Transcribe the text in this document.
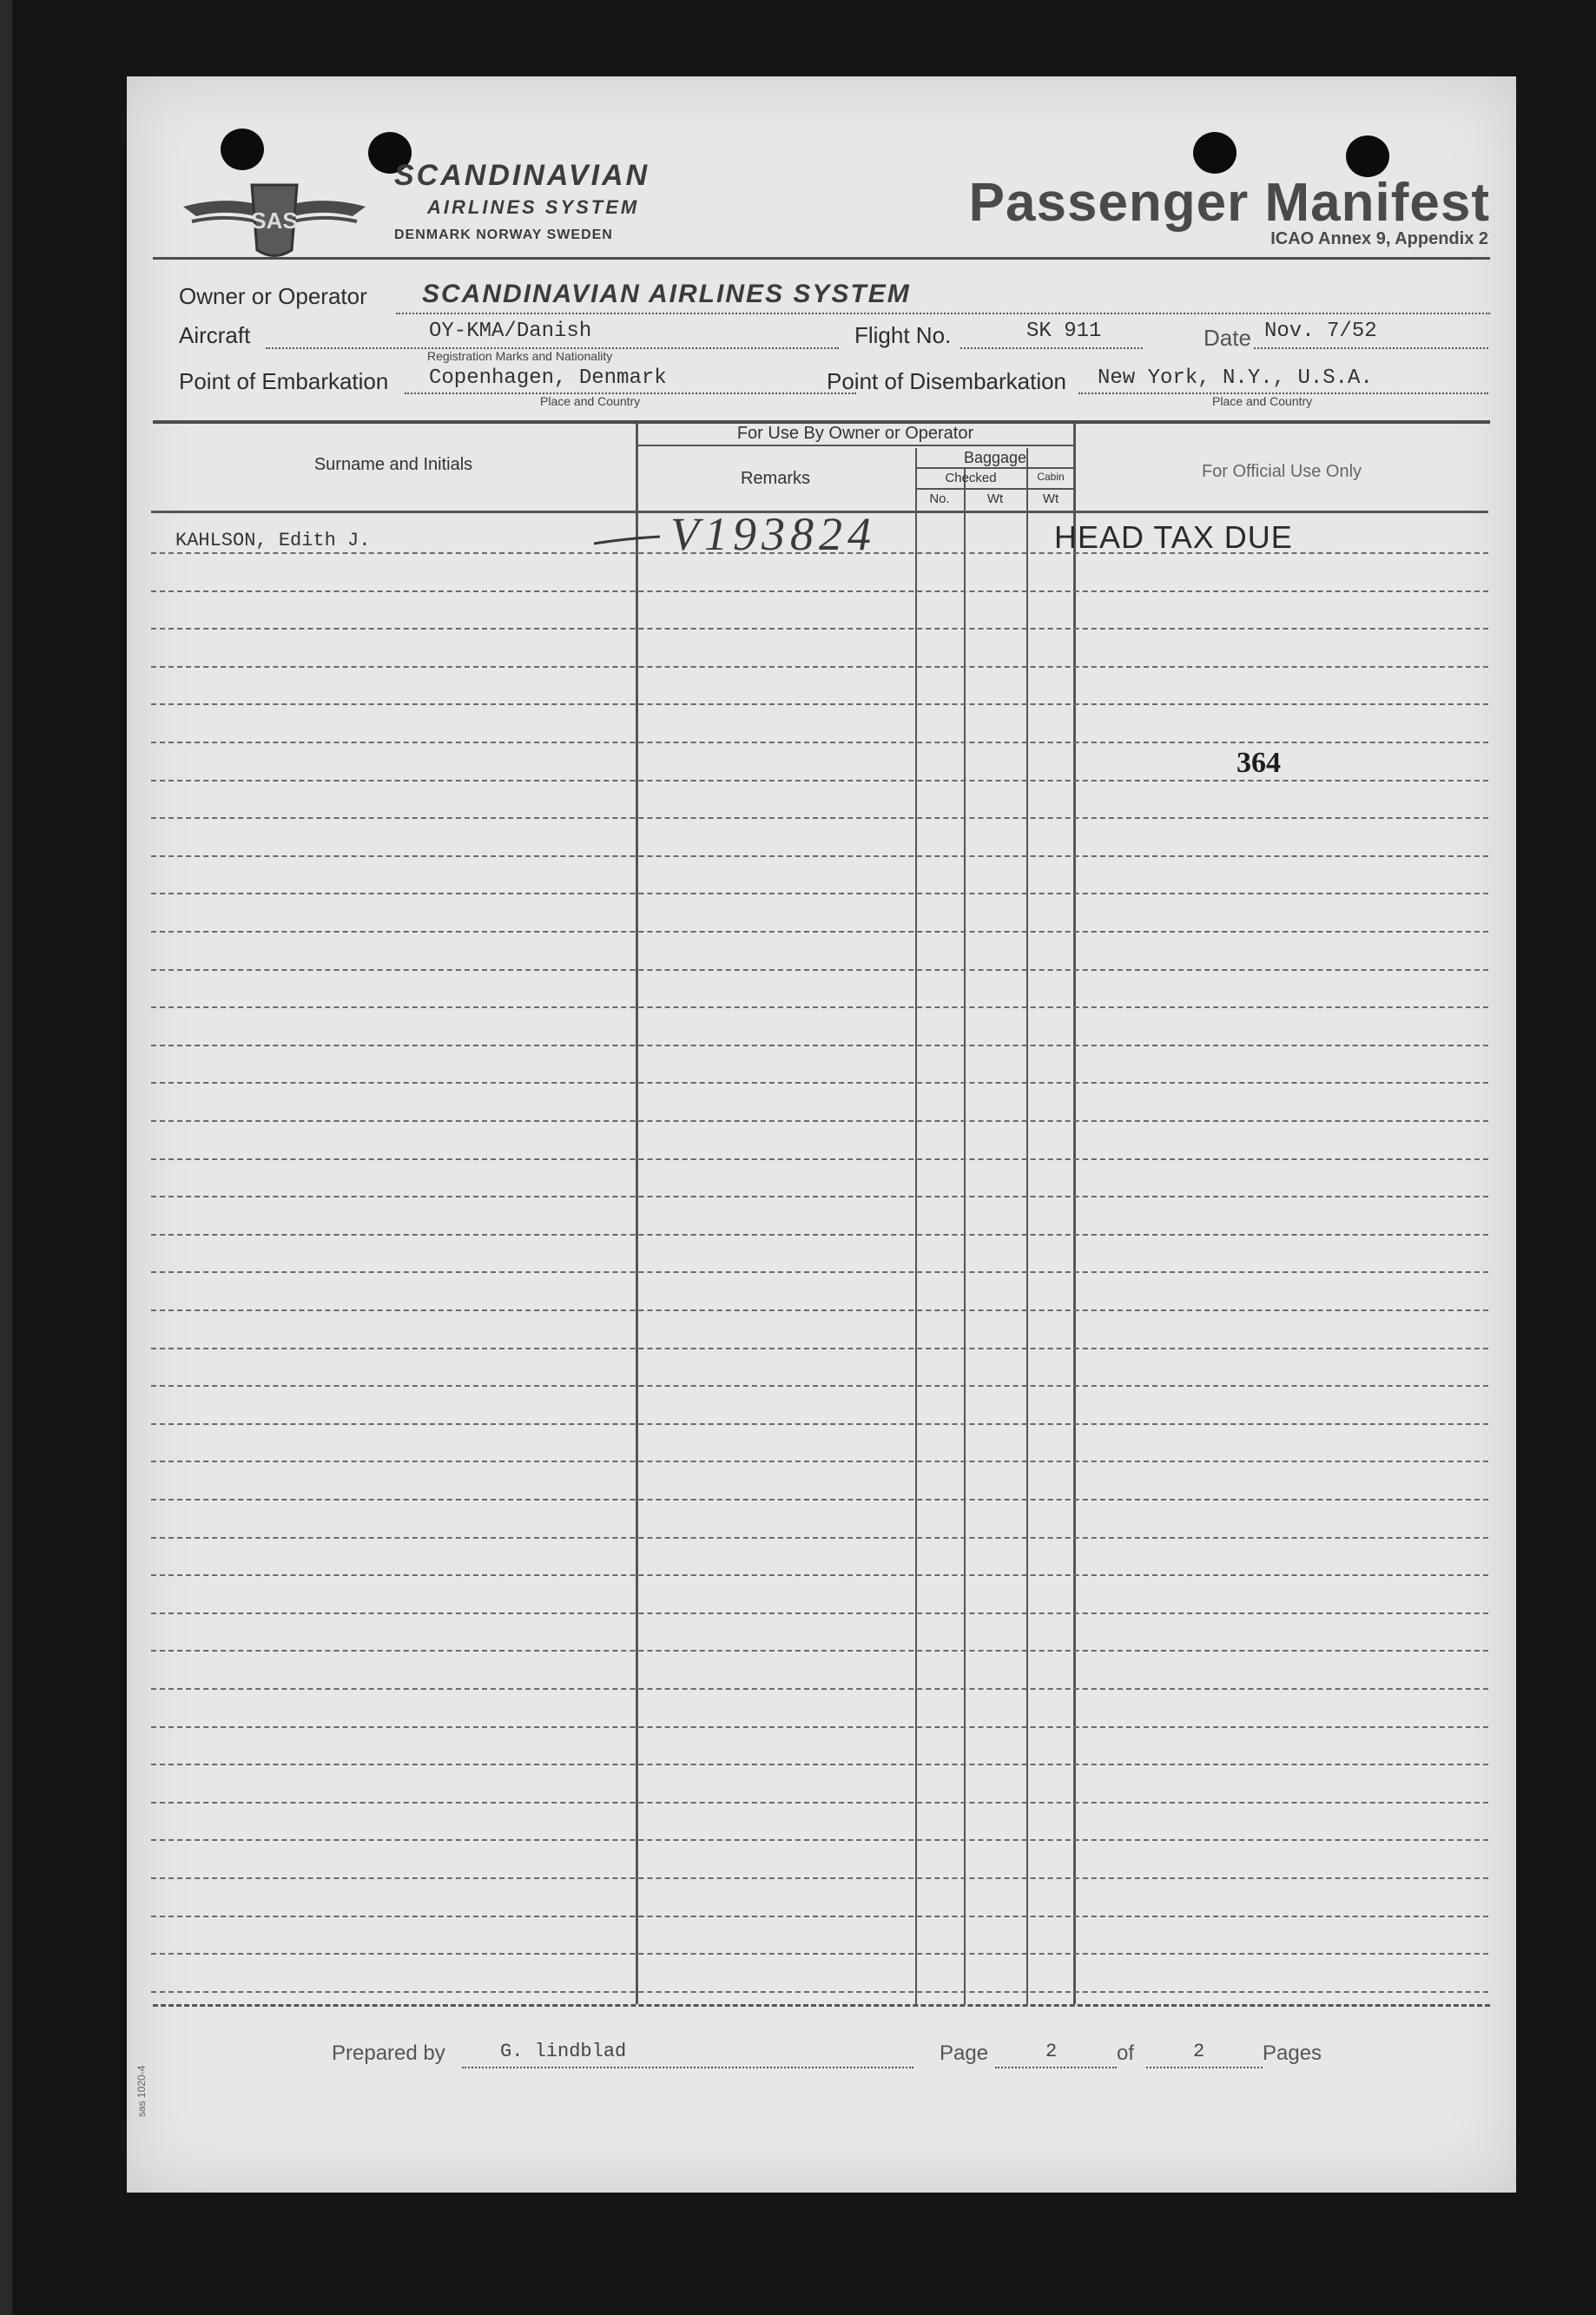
SAS
SCANDINAVIAN
AIRLINES SYSTEM
DENMARK NORWAY SWEDEN
Passenger Manifest
ICAO Annex 9, Appendix 2
Owner or Operator SCANDINAVIAN AIRLINES SYSTEM
Aircraft	OY-KMA/Danish
Registration Marks and Nationality
Flight No.	SK 911	Date Nov. 7/52
Point of Embarkation Copenhagen, Denmark
Place and Country
Point of Disembarkation New York, N.Y., U.S.A.
Place and Country
Surname and Initials
For Use By Owner or Operator
Remarks
Baggage
Checked	Cabin
No.	Wt	Wt
For Official Use Only
KAHLSON, Edith J.	V193824	HEAD TAX DUE
364
Prepared by	G. lindblad	Page	2	of	2	Pages
sas 1020-4
